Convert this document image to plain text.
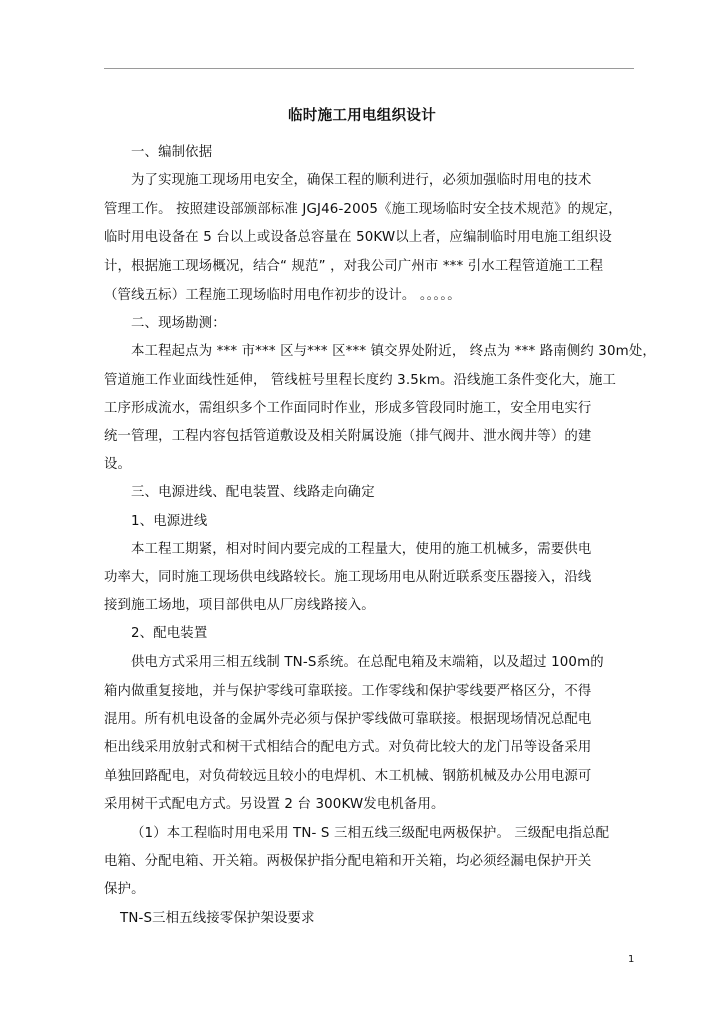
临时施工用电组织设计
一、编制依据
为了实现施工现场用电安全，确保工程的顺利进行，必须加强临时用电的技术
管理工作。 按照建设部颁部标准 JGJ46-2005《施工现场临时安全技术规范》的规定，
临时用电设备在 5 台以上或设备总容量在 50KW以上者，应编制临时用电施工组织设
计，根据施工现场概况，结合“ 规范” ，对我公司广州市 *** 引水工程管道施工工程
（管线五标）工程施工现场临时用电作初步的设计。 。。。。。
二、现场勘测：
本工程起点为 *** 市*** 区与*** 区*** 镇交界处附近， 终点为 *** 路南侧约 30m处，
管道施工作业面线性延伸， 管线桩号里程长度约 3.5km。沿线施工条件变化大，施工
工序形成流水，需组织多个工作面同时作业，形成多管段同时施工，安全用电实行
统一管理，工程内容包括管道敷设及相关附属设施（排气阀井、泄水阀井等）的建
设。
三、电源进线、配电装置、线路走向确定
1、电源进线
本工程工期紧，相对时间内要完成的工程量大，使用的施工机械多，需要供电
功率大，同时施工现场供电线路较长。施工现场用电从附近联系变压器接入，沿线
接到施工场地，项目部供电从厂房线路接入。
2、配电装置
供电方式采用三相五线制 TN-S系统。在总配电箱及末端箱，以及超过 100m的
箱内做重复接地，并与保护零线可靠联接。工作零线和保护零线要严格区分，不得
混用。所有机电设备的金属外壳必须与保护零线做可靠联接。根据现场情况总配电
柜出线采用放射式和树干式相结合的配电方式。对负荷比较大的龙门吊等设备采用
单独回路配电，对负荷较远且较小的电焊机、木工机械、钢筋机械及办公用电源可
采用树干式配电方式。另设置 2 台 300KW发电机备用。
（1）本工程临时用电采用 TN- S 三相五线三级配电两极保护。 三级配电指总配
电箱、分配电箱、开关箱。两极保护指分配电箱和开关箱，均必须经漏电保护开关
保护。
TN-S三相五线接零保护架设要求
1
